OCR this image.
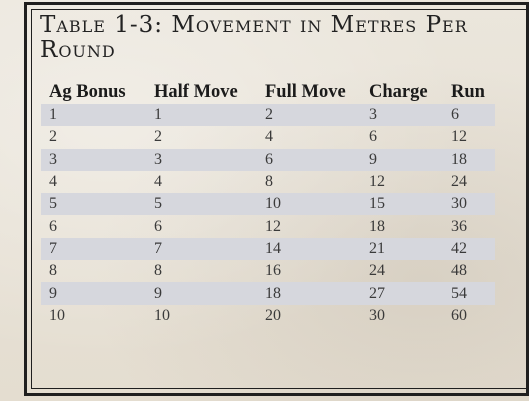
Table 1-3: Movement in Metres Per Round
Ag Bonus	Half Move	Full Move	Charge	Run
1	1	2	3	6
2	2	4	6	12
3	3	6	9	18
4	4	8	12	24
5	5	10	15	30
6	6	12	18	36
7	7	14	21	42
8	8	16	24	48
9	9	18	27	54
10	10	20	30	60
